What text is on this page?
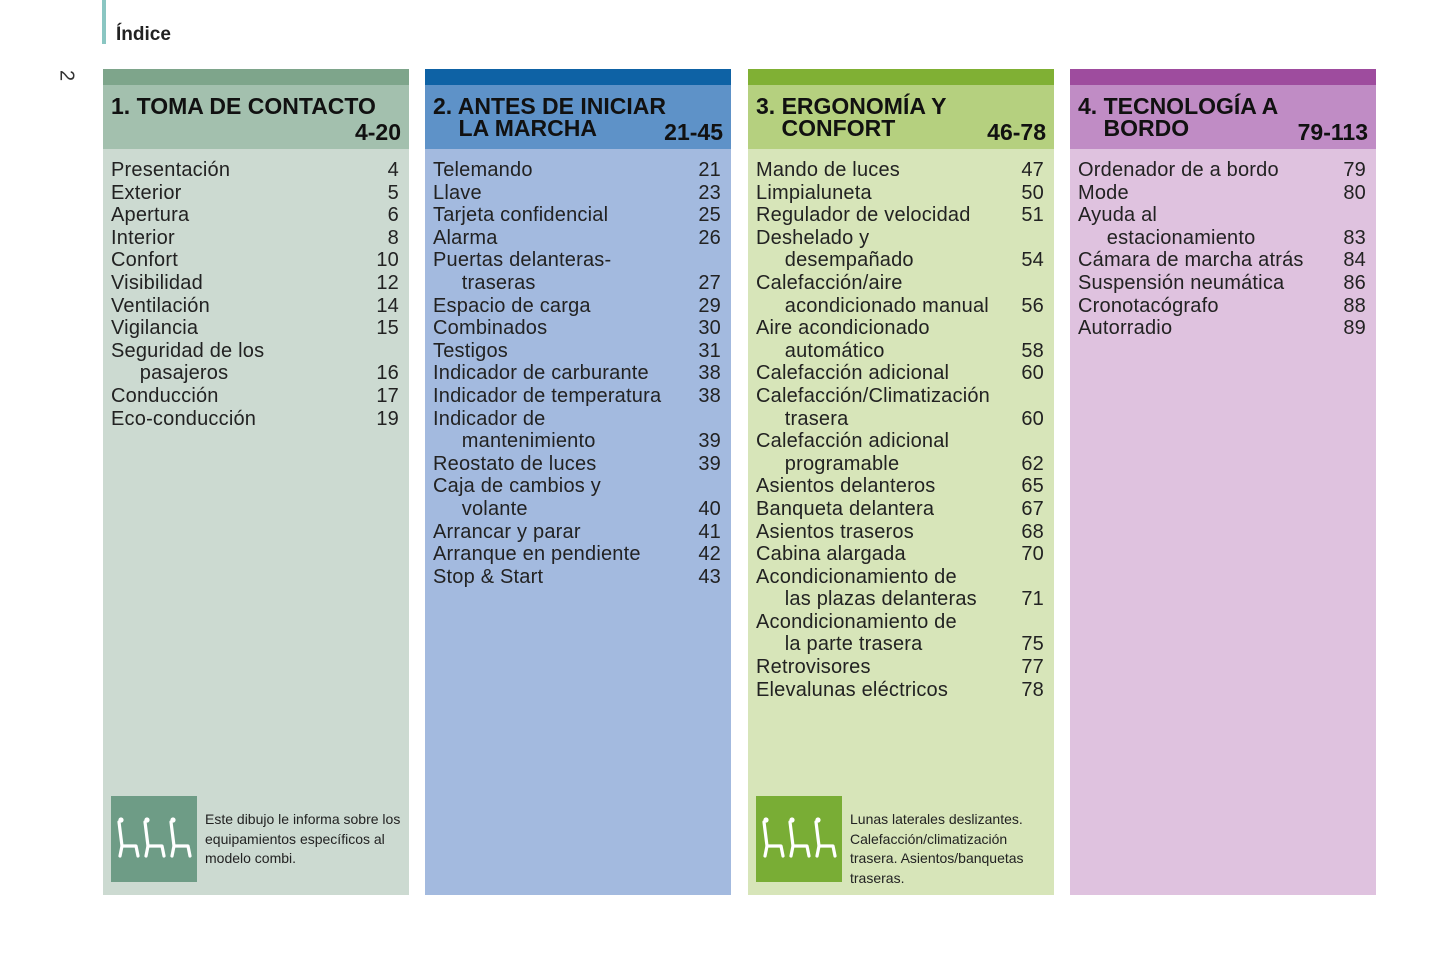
Índice
2
1. TOMA DE CONTACTO
4-20
Presentación	4
Exterior	5
Apertura	6
Interior	8
Confort	10
Visibilidad	12
Ventilación	14
Vigilancia	15
Seguridad de los
pasajeros	16
Conducción	17
Eco-conducción	19
Este dibujo le informa sobre los equipamientos específicos al modelo combi.
2. ANTES DE INICIAR
LA MARCHA	21-45
Telemando	21
Llave	23
Tarjeta confidencial	25
Alarma	26
Puertas delanteras-
traseras	27
Espacio de carga	29
Combinados	30
Testigos	31
Indicador de carburante 38
Indicador de temperatura 38
Indicador de
mantenimiento	39
Reostato de luces	39
Caja de cambios y
volante	40
Arrancar y parar	41
Arranque en pendiente	42
Stop & Start	43
3. ERGONOMÍA Y
CONFORT	46-78
Mando de luces	47
Limpialuneta	50
Regulador de velocidad	51
Deshelado y
desempañado	54
Calefacción/aire
acondicionado manual 56
Aire acondicionado
automático	58
Calefacción adicional	60
Calefacción/Climatización
trasera	60
Calefacción adicional
programable	62
Asientos delanteros	65
Banqueta delantera	67
Asientos traseros	68
Cabina alargada	70
Acondicionamiento de
las plazas delanteras 71
Acondicionamiento de
la parte trasera	75
Retrovisores	77
Elevalunas eléctricos	78
Lunas laterales deslizantes. Calefacción/climatización trasera. Asientos/banquetas traseras.
4. TECNOLOGÍA A
BORDO	79-113
Ordenador de a bordo	79
Mode	80
Ayuda al
estacionamiento	83
Cámara de marcha atrás 84
Suspensión neumática	86
Cronotacógrafo	88
Autorradio	89
